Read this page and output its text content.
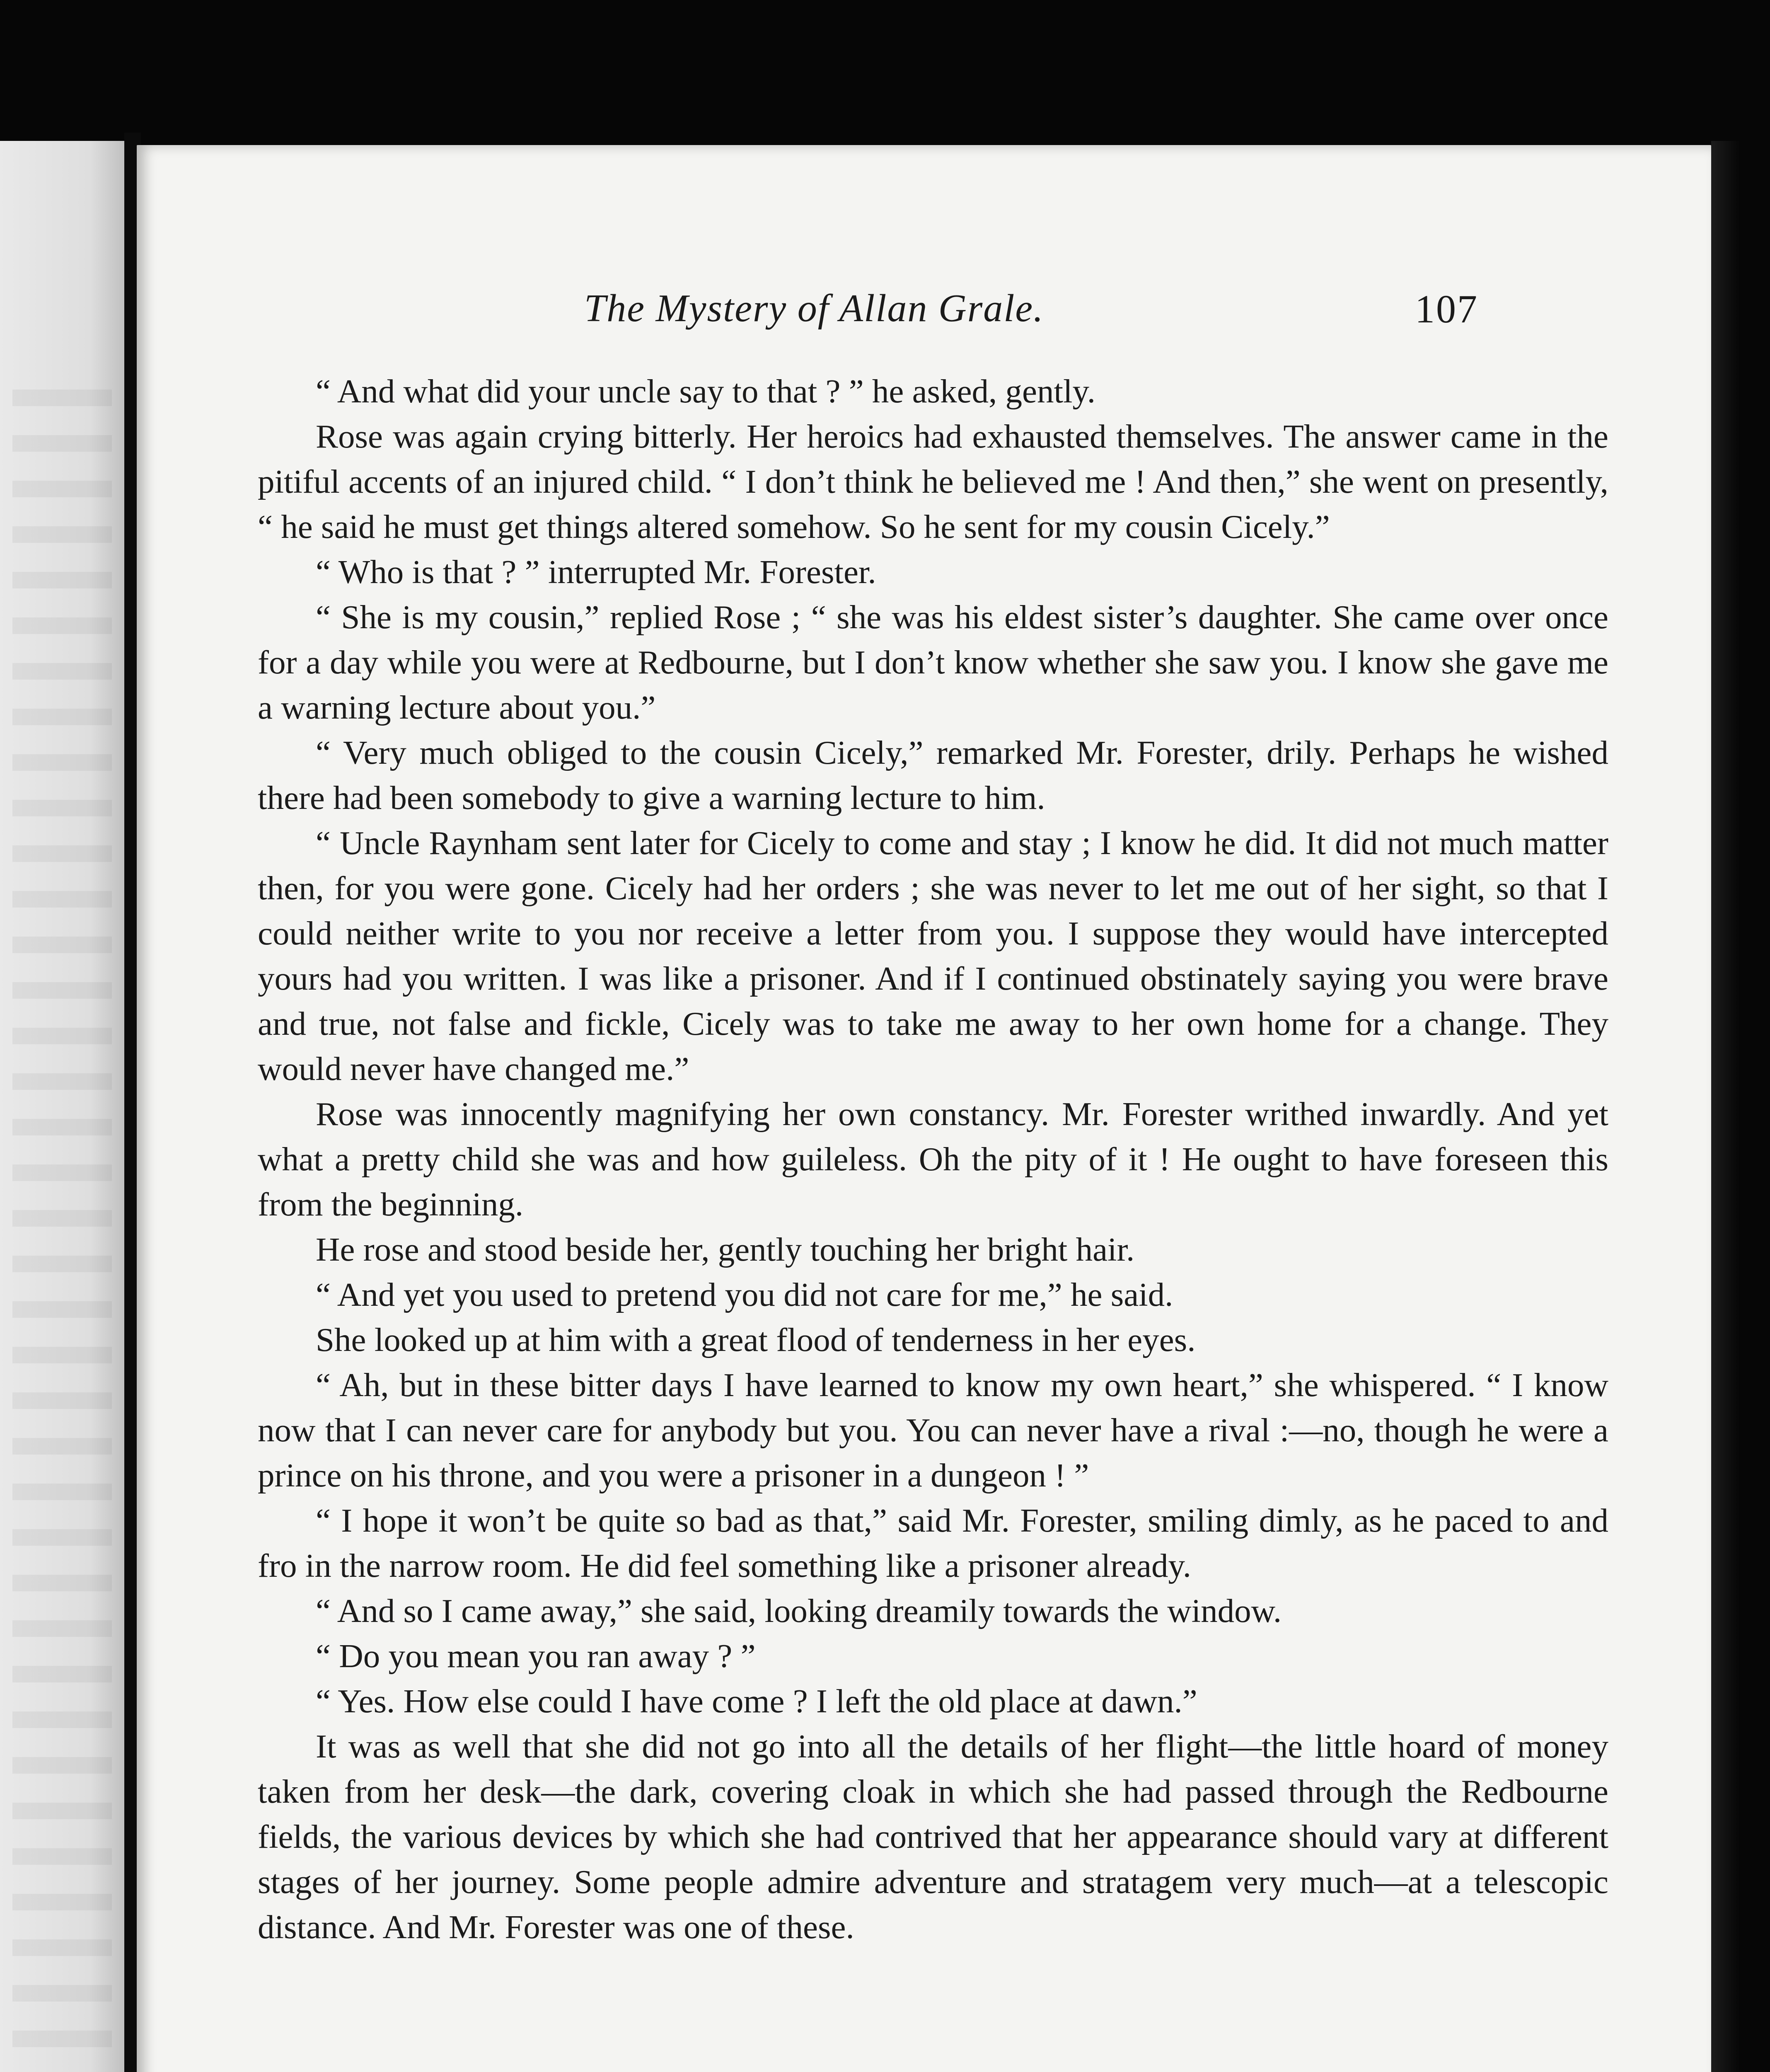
The Mystery of Allan Grale.	107

“ And what did your uncle say to that ? ” he asked, gently.

Rose was again crying bitterly. Her heroics had exhausted themselves. The answer came in the pitiful accents of an injured child. “ I don’t think he believed me ! And then,” she went on presently, “ he said he must get things altered somehow. So he sent for my cousin Cicely.”

“ Who is that ? ” interrupted Mr. Forester.

“ She is my cousin,” replied Rose ; “ she was his eldest sister’s daughter. She came over once for a day while you were at Redbourne, but I don’t know whether she saw you. I know she gave me a warning lecture about you.”

“ Very much obliged to the cousin Cicely,” remarked Mr. Forester, drily. Perhaps he wished there had been somebody to give a warning lecture to him.

“ Uncle Raynham sent later for Cicely to come and stay ; I know he did. It did not much matter then, for you were gone. Cicely had her orders ; she was never to let me out of her sight, so that I could neither write to you nor receive a letter from you. I suppose they would have intercepted yours had you written. I was like a prisoner. And if I continued obstinately saying you were brave and true, not false and fickle, Cicely was to take me away to her own home for a change. They would never have changed me.”

Rose was innocently magnifying her own constancy. Mr. Forester writhed inwardly. And yet what a pretty child she was and how guileless. Oh the pity of it ! He ought to have foreseen this from the beginning.

He rose and stood beside her, gently touching her bright hair.

“ And yet you used to pretend you did not care for me,” he said.

She looked up at him with a great flood of tenderness in her eyes.

“ Ah, but in these bitter days I have learned to know my own heart,” she whispered. “ I know now that I can never care for anybody but you. You can never have a rival :—no, though he were a prince on his throne, and you were a prisoner in a dungeon ! ”

“ I hope it won’t be quite so bad as that,” said Mr. Forester, smiling dimly, as he paced to and fro in the narrow room. He did feel something like a prisoner already.

“ And so I came away,” she said, looking dreamily towards the window.

“ Do you mean you ran away ? ”

“ Yes. How else could I have come ? I left the old place at dawn.”

It was as well that she did not go into all the details of her flight—the little hoard of money taken from her desk—the dark, covering cloak in which she had passed through the Redbourne fields, the various devices by which she had contrived that her appearance should vary at different stages of her journey. Some people admire adventure and stratagem very much—at a telescopic distance. And Mr. Forester was one of these.
